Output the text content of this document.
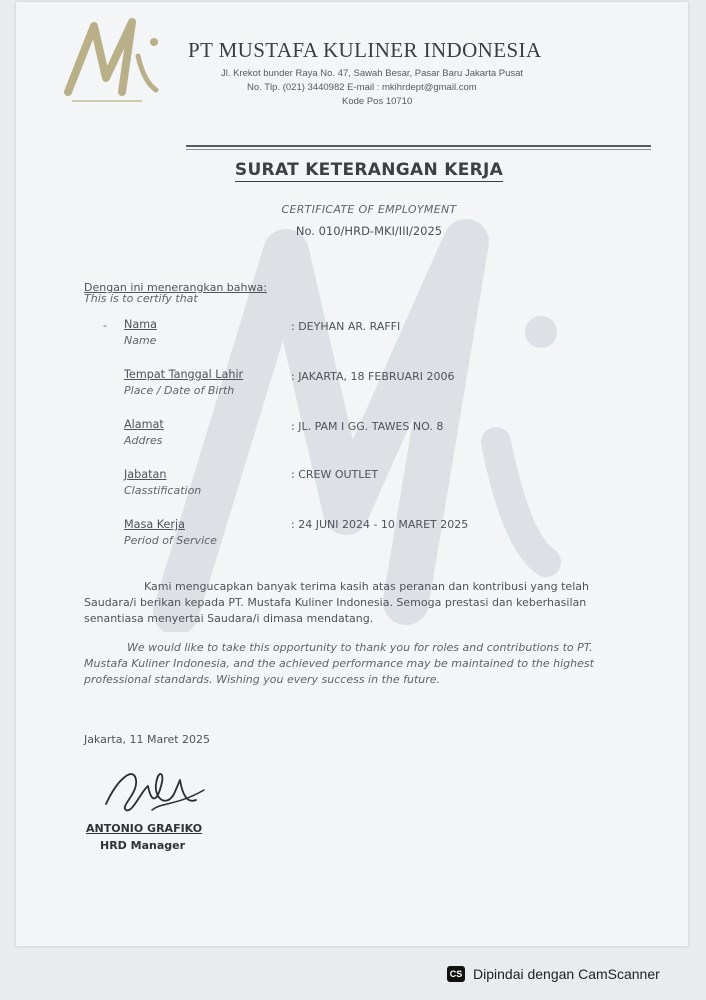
PT MUSTAFA KULINER INDONESIA
Jl. Krekot bunder Raya No. 47, Sawah Besar, Pasar Baru Jakarta Pusat
No. Tlp. (021) 3440982 E-mail : mkihrdept@gmail.com
Kode Pos 10710
SURAT KETERANGAN KERJA
CERTIFICATE OF EMPLOYMENT
No. 010/HRD-MKI/III/2025
Dengan ini menerangkan bahwa:
This is to certify that
- Nama
Name
: DEYHAN AR. RAFFI
Tempat Tanggal Lahir
Place / Date of Birth
: JAKARTA, 18 FEBRUARI 2006
Alamat
Addres
: JL. PAM I GG. TAWES NO. 8
Jabatan
Classtification
: CREW OUTLET
Masa Kerja
Period of Service
: 24 JUNI 2024 - 10 MARET 2025
Kami mengucapkan banyak terima kasih atas peranan dan kontribusi yang telah Saudara/i berikan kepada PT. Mustafa Kuliner Indonesia. Semoga prestasi dan keberhasilan senantiasa menyertai Saudara/i dimasa mendatang.
We would like to take this opportunity to thank you for roles and contributions to PT. Mustafa Kuliner Indonesia, and the achieved performance may be maintained to the highest professional standards. Wishing you every success in the future.
Jakarta, 11 Maret 2025
ANTONIO GRAFIKO
HRD Manager
CS Dipindai dengan CamScanner
